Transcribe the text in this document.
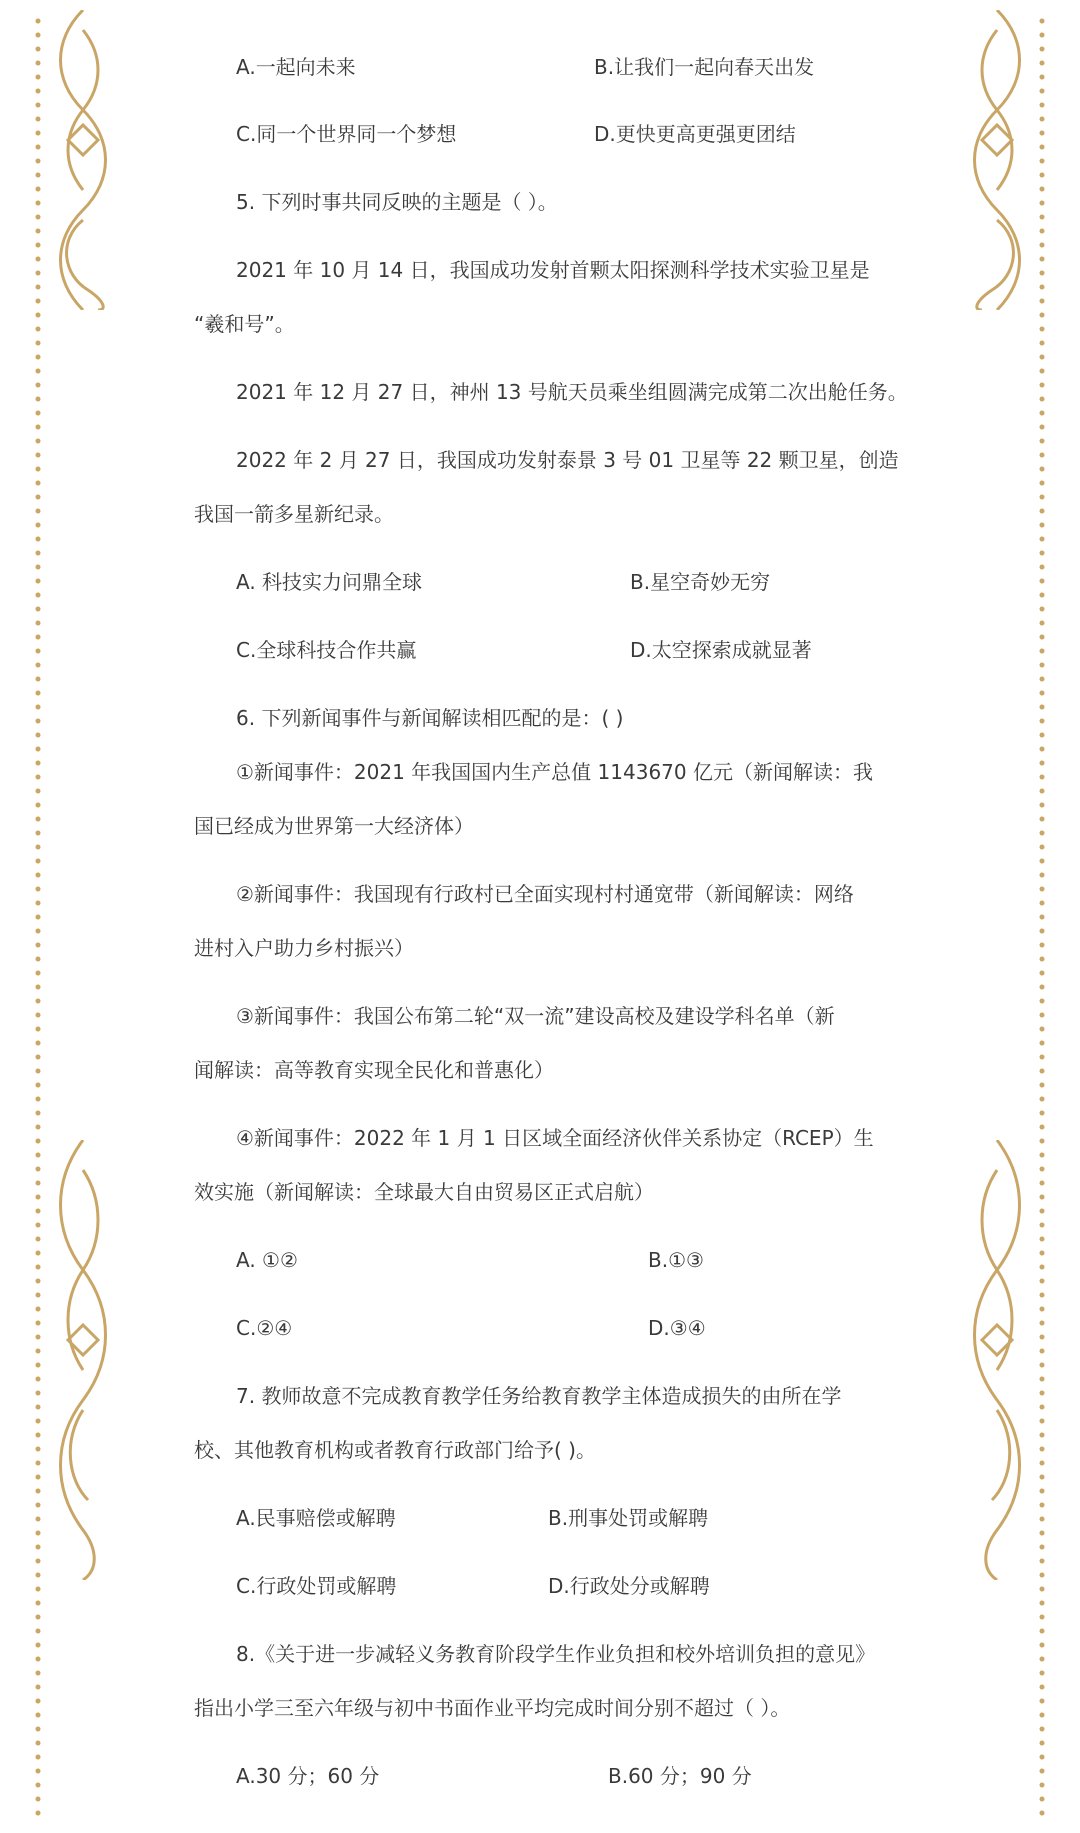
A.一起向未来	B.让我们一起向春天出发
C.同一个世界同一个梦想	D.更快更高更强更团结
5. 下列时事共同反映的主题是（ ）。
2021 年 10 月 14 日，我国成功发射首颗太阳探测科学技术实验卫星是
“羲和号”。
2021 年 12 月 27 日，神州 13 号航天员乘坐组圆满完成第二次出舱任务。
2022 年 2 月 27 日，我国成功发射泰景 3 号 01 卫星等 22 颗卫星，创造
我国一箭多星新纪录。
A. 科技实力问鼎全球	B.星空奇妙无穷
C.全球科技合作共赢	D.太空探索成就显著
6. 下列新闻事件与新闻解读相匹配的是：( )
①新闻事件：2021 年我国国内生产总值 1143670 亿元（新闻解读：我
国已经成为世界第一大经济体）
②新闻事件：我国现有行政村已全面实现村村通宽带（新闻解读：网络
进村入户助力乡村振兴）
③新闻事件：我国公布第二轮“双一流”建设高校及建设学科名单（新
闻解读：高等教育实现全民化和普惠化）
④新闻事件：2022 年 1 月 1 日区域全面经济伙伴关系协定（RCEP）生
效实施（新闻解读：全球最大自由贸易区正式启航）
A. ①②	B.①③
C.②④	D.③④
7. 教师故意不完成教育教学任务给教育教学主体造成损失的由所在学
校、其他教育机构或者教育行政部门给予( )。
A.民事赔偿或解聘	B.刑事处罚或解聘
C.行政处罚或解聘	D.行政处分或解聘
8.《关于进一步减轻义务教育阶段学生作业负担和校外培训负担的意见》
指出小学三至六年级与初中书面作业平均完成时间分别不超过（ ）。
A.30 分；60 分	B.60 分；90 分
